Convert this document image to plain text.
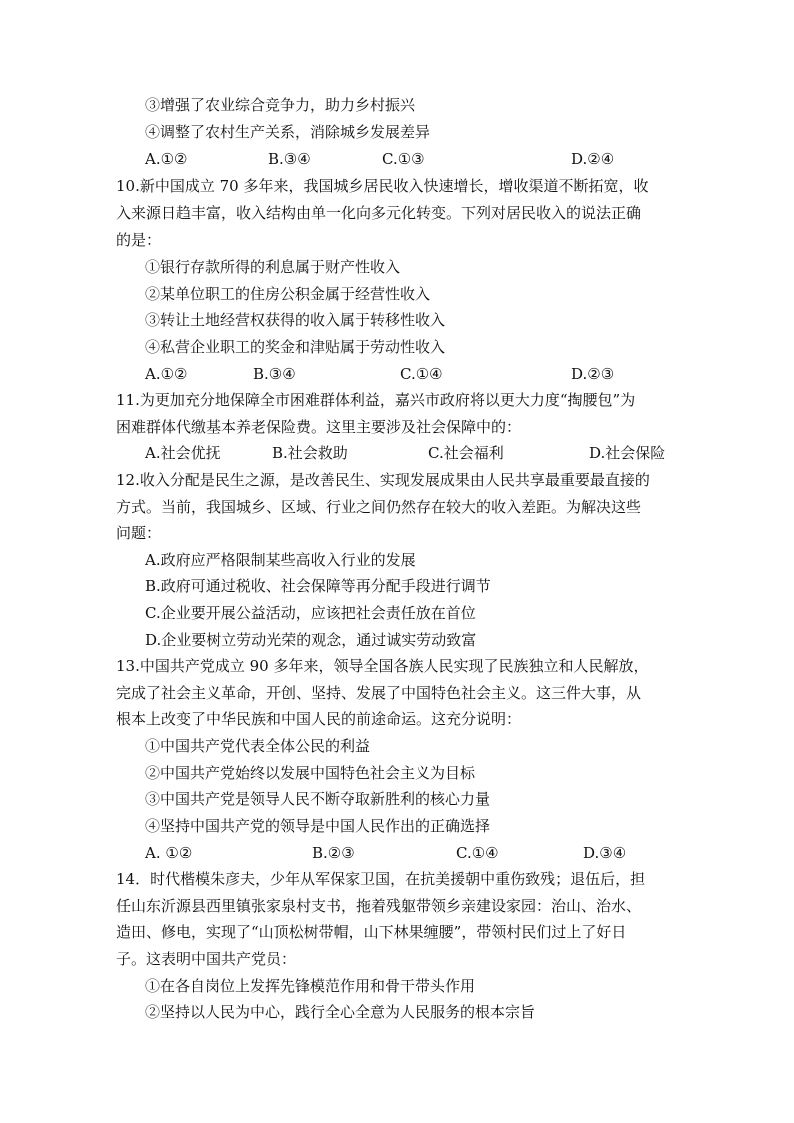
③增强了农业综合竞争力，助力乡村振兴
④调整了农村生产关系，消除城乡发展差异
A.①②	B.③④	C.①③	D.②④
10.新中国成立 70 多年来，我国城乡居民收入快速增长，增收渠道不断拓宽，收
入来源日趋丰富，收入结构由单一化向多元化转变。下列对居民收入的说法正确
的是：
①银行存款所得的利息属于财产性收入
②某单位职工的住房公积金属于经营性收入
③转让土地经营权获得的收入属于转移性收入
④私营企业职工的奖金和津贴属于劳动性收入
A.①②	B.③④	C.①④	D.②③
11.为更加充分地保障全市困难群体利益，嘉兴市政府将以更大力度“掏腰包”为
困难群体代缴基本养老保险费。这里主要涉及社会保障中的：
A.社会优抚	B.社会救助	C.社会福利	D.社会保险
12.收入分配是民生之源，是改善民生、实现发展成果由人民共享最重要最直接的
方式。当前，我国城乡、区域、行业之间仍然存在较大的收入差距。为解决这些
问题：
A.政府应严格限制某些高收入行业的发展
B.政府可通过税收、社会保障等再分配手段进行调节
C.企业要开展公益活动，应该把社会责任放在首位
D.企业要树立劳动光荣的观念，通过诚实劳动致富
13.中国共产党成立 90 多年来，领导全国各族人民实现了民族独立和人民解放，
完成了社会主义革命，开创、坚持、发展了中国特色社会主义。这三件大事，从
根本上改变了中华民族和中国人民的前途命运。这充分说明：
①中国共产党代表全体公民的利益
②中国共产党始终以发展中国特色社会主义为目标
③中国共产党是领导人民不断夺取新胜利的核心力量
④坚持中国共产党的领导是中国人民作出的正确选择
A. ①②	B.②③	C.①④	D.③④
14．时代楷模朱彦夫，少年从军保家卫国，在抗美援朝中重伤致残；退伍后，担
任山东沂源县西里镇张家泉村支书，拖着残躯带领乡亲建设家园：治山、治水、
造田、修电，实现了“山顶松树带帽，山下林果缠腰”，带领村民们过上了好日
子。这表明中国共产党员：
①在各自岗位上发挥先锋模范作用和骨干带头作用
②坚持以人民为中心，践行全心全意为人民服务的根本宗旨
